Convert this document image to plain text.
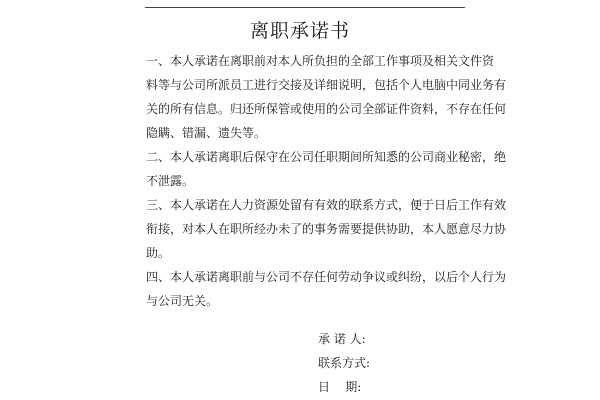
离职承诺书
一、本人承诺在离职前对本人所负担的全部工作事项及相关文件资
料等与公司所派员工进行交接及详细说明，包括个人电脑中同业务有
关的所有信息。归还所保管或使用的公司全部证件资料，不存在任何
隐瞒、错漏、遗失等。
二、本人承诺离职后保守在公司任职期间所知悉的公司商业秘密，绝
不泄露。
三、本人承诺在人力资源处留有有效的联系方式，便于日后工作有效
衔接，对本人在职所经办未了的事务需要提供协助，本人愿意尽力协
助。
四、本人承诺离职前与公司不存任何劳动争议或纠纷，以后个人行为
与公司无关。
承 诺 人:
联系方式:
日    期:
